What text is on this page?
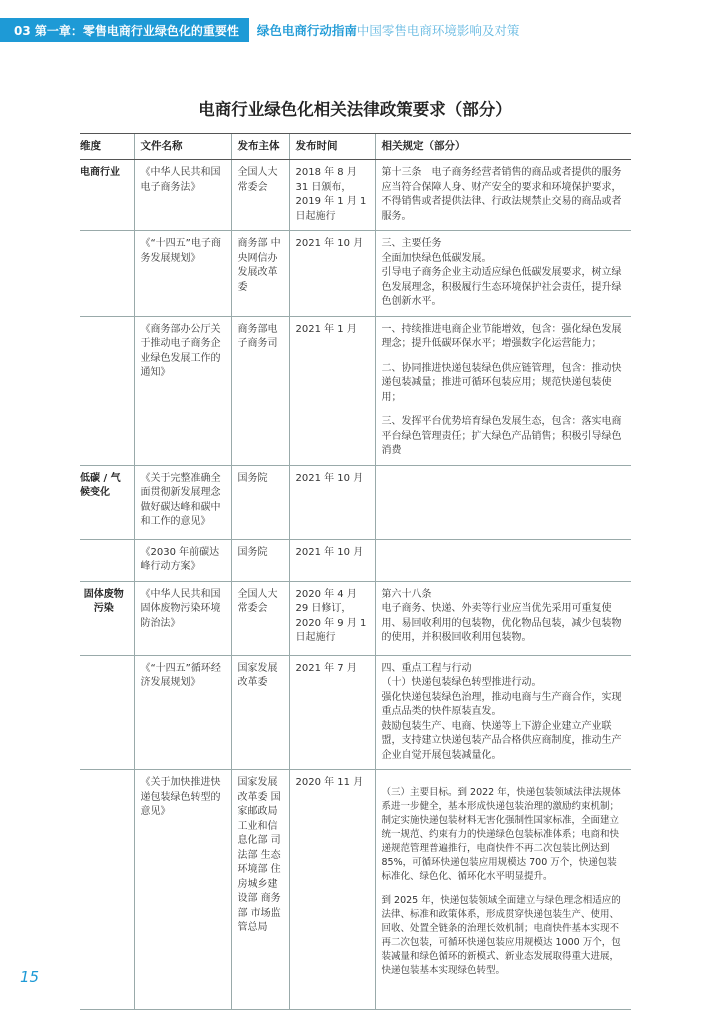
03 第一章：零售电商行业绿色化的重要性	绿色电商行动指南 中国零售电商环境影响及对策
电商行业绿色化相关法律政策要求（部分）
维度	文件名称	发布主体	发布时间	相关规定（部分）
电商行业	《中华人民共和国电子商务法》	全国人大常委会	2018 年 8 月 31 日颁布，2019 年 1 月 1 日起施行	第十三条　电子商务经营者销售的商品或者提供的服务应当符合保障人身、财产安全的要求和环境保护要求，不得销售或者提供法律、行政法规禁止交易的商品或者服务。

	《“十四五”电子商务发展规划》	商务部 中央网信办 发展改革委	2021 年 10 月	三、主要任务
全面加快绿色低碳发展。
引导电子商务企业主动适应绿色低碳发展要求，树立绿色发展理念，积极履行生态环境保护社会责任，提升绿色创新水平。

	《商务部办公厅关于推动电子商务企业绿色发展工作的通知》	商务部电子商务司	2021 年 1 月	一、持续推进电商企业节能增效，包含：强化绿色发展理念；提升低碳环保水平；增强数字化运营能力；
二、协同推进快递包装绿色供应链管理，包含：推动快递包装减量；推进可循环包装应用；规范快递包装使用；
三、发挥平台优势培育绿色发展生态，包含：落实电商平台绿色管理责任；扩大绿色产品销售；积极引导绿色消费

低碳 / 气候变化	《关于完整准确全面贯彻新发展理念做好碳达峰和碳中和工作的意见》	国务院	2021 年 10 月	
	《2030 年前碳达峰行动方案》	国务院	2021 年 10 月	
固体废物污染	《中华人民共和国固体废物污染环境防治法》	全国人大常委会	2020 年 4 月 29 日修订，2020 年 9 月 1 日起施行	第六十八条
电子商务、快递、外卖等行业应当优先采用可重复使用、易回收利用的包装物，优化物品包装，减少包装物的使用，并积极回收利用包装物。

	《“十四五”循环经济发展规划》	国家发展改革委	2021 年 7 月	四、重点工程与行动
（十）快递包装绿色转型推进行动。
强化快递包装绿色治理，推动电商与生产商合作，实现重点品类的快件原装直发。
鼓励包装生产、电商、快递等上下游企业建立产业联盟，支持建立快递包装产品合格供应商制度，推动生产企业自觉开展包装减量化。

	《关于加快推进快递包装绿色转型的意见》	国家发展改革委 国家邮政局 工业和信息化部 司法部 生态环境部 住房城乡建设部 商务部 市场监管总局	2020 年 11 月	（三）主要目标。到 2022 年，快递包装领域法律法规体系进一步健全，基本形成快递包装治理的激励约束机制；制定实施快递包装材料无害化强制性国家标准，全面建立统一规范、约束有力的快递绿色包装标准体系；电商和快递规范管理普遍推行，电商快件不再二次包装比例达到 85%，可循环快递包装应用规模达 700 万个，快递包装标准化、绿色化、循环化水平明显提升。
到 2025 年，快递包装领域全面建立与绿色理念相适应的法律、标准和政策体系，形成贯穿快递包装生产、使用、回收、处置全链条的治理长效机制；电商快件基本实现不再二次包装，可循环快递包装应用规模达 1000 万个，包装减量和绿色循环的新模式、新业态发展取得重大进展，快递包装基本实现绿色转型。
15
